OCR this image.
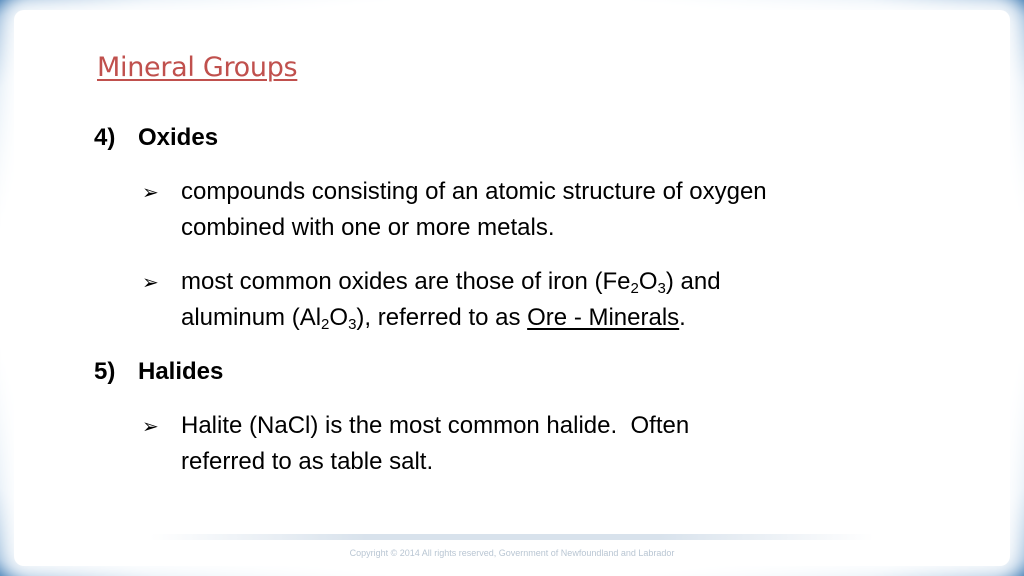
Mineral Groups
4) Oxides
➢ compounds consisting of an atomic structure of oxygen
combined with one or more metals.
➢ most common oxides are those of iron $(Fe_2O_3)$ and
aluminum $(Al_2O_3)$, referred to as Ore - Minerals.
5) Halides
➢ Halite (NaCl) is the most common halide.  Often
referred to as table salt.
Copyright © 2014 All rights reserved, Government of Newfoundland and Labrador
